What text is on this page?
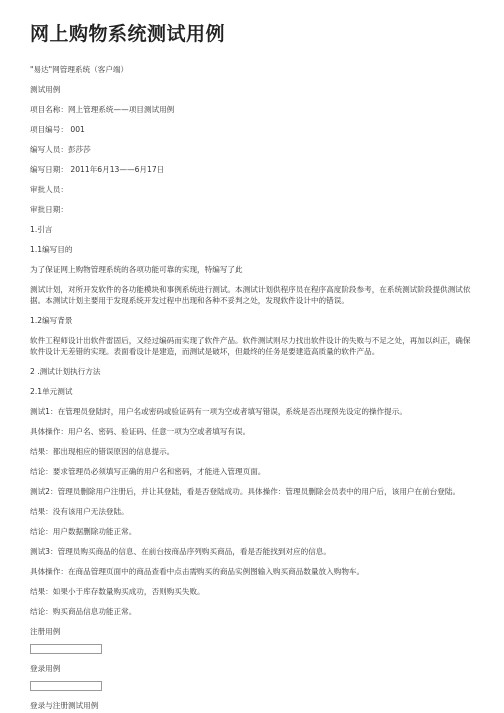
网上购物系统测试用例
"易达"网管理系统（客户端）
测试用例
项目名称：网上管理系统——项目测试用例
项目编号： 001
编写人员：彭莎莎
编写日期： 2011年6月13——6月17日
审批人员：
审批日期：
1.引言
1.1编写目的
为了保证网上购物管理系统的各项功能可靠的实现，特编写了此
测试计划，对所开发软件的各功能模块和事例系统进行测试。本测试计划供程序员在程序高度阶段参考，在系统测试阶段提供测试依据。本测试计划主要用于发现系统开发过程中出现和各种不妥判之处，发现软件设计中的错误。
1.2编写背景
软件工程师设计出软件雷固后，又经过编码而实现了软件产品。软件测试则尽力找出软件设计的失败与不足之处，再加以纠正，确保软件设计无差错的实现。表面看设计是建造，而测试是破坏，但最终的任务是要建造高质量的软件产品。
2 .测试计划执行方法
2.1单元测试
测试1：在管理员登陆时，用户名或密码或验证码有一项为空或者填写错误，系统是否出现预先设定的操作提示。
具体操作：用户名、密码、验证码、任意一项为空或者填写有误。
结果：都出现相应的错误原因的信息提示。
结论：要求管理员必须填写正确的用户名和密码，才能进入管理页面。
测试2：管理员删除用户注册后，并让其登陆，看是否登陆成功。具体操作：管理员删除会员表中的用户后，该用户在前台登陆。
结果：没有该用户无法登陆。
结论：用户数据删除功能正常。
测试3：管理员购买商品的信息、在前台按商品序列购买商品，看是否能找到对应的信息。
具体操作：在商品管理页面中的商品查看中点击需购买的商品实例图输入购买商品数量放入购物车。
结果：如果小于库存数量购买成功，否则购买失败。
结论：购买商品信息功能正常。
注册用例
登录用例
登录与注册测试用例
